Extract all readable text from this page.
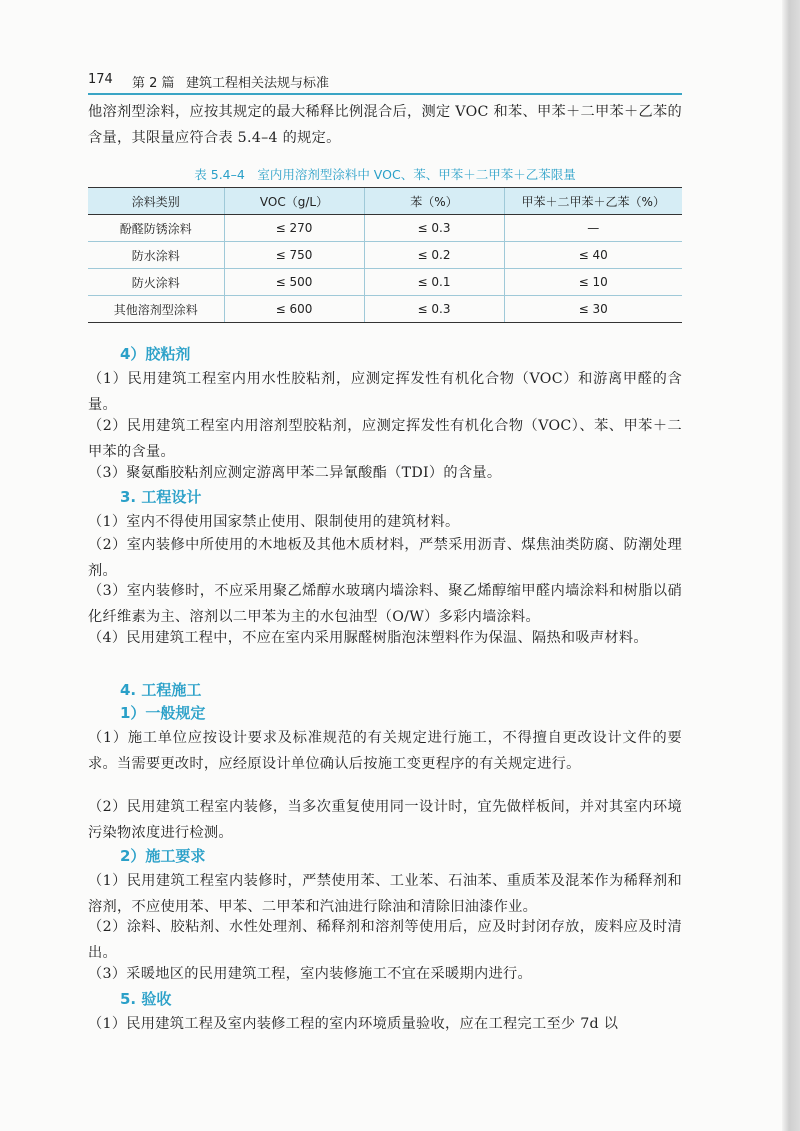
174 第 2 篇 建筑工程相关法规与标准

他溶剂型涂料，应按其规定的最大稀释比例混合后，测定 VOC 和苯、甲苯＋二甲苯＋乙苯的含量，其限量应符合表 5.4–4 的规定。

表 5.4–4　室内用溶剂型涂料中 VOC、苯、甲苯＋二甲苯＋乙苯限量
涂料类别	VOC（g/L）	苯（%）	甲苯＋二甲苯＋乙苯（%）
酚醛防锈涂料	≤ 270	≤ 0.3	—
防水涂料	≤ 750	≤ 0.2	≤ 40
防火涂料	≤ 500	≤ 0.1	≤ 10
其他溶剂型涂料	≤ 600	≤ 0.3	≤ 30
4）胶粘剂

（1）民用建筑工程室内用水性胶粘剂，应测定挥发性有机化合物（VOC）和游离甲醛的含量。

（2）民用建筑工程室内用溶剂型胶粘剂，应测定挥发性有机化合物（VOC）、苯、甲苯＋二甲苯的含量。

（3）聚氨酯胶粘剂应测定游离甲苯二异氰酸酯（TDI）的含量。

3. 工程设计

（1）室内不得使用国家禁止使用、限制使用的建筑材料。

（2）室内装修中所使用的木地板及其他木质材料，严禁采用沥青、煤焦油类防腐、防潮处理剂。

（3）室内装修时，不应采用聚乙烯醇水玻璃内墙涂料、聚乙烯醇缩甲醛内墙涂料和树脂以硝化纤维素为主、溶剂以二甲苯为主的水包油型（O/W）多彩内墙涂料。

（4）民用建筑工程中，不应在室内采用脲醛树脂泡沫塑料作为保温、隔热和吸声材料。

4. 工程施工
1）一般规定

（1）施工单位应按设计要求及标准规范的有关规定进行施工，不得擅自更改设计文件的要求。当需要更改时，应经原设计单位确认后按施工变更程序的有关规定进行。

（2）民用建筑工程室内装修，当多次重复使用同一设计时，宜先做样板间，并对其室内环境污染物浓度进行检测。

2）施工要求

（1）民用建筑工程室内装修时，严禁使用苯、工业苯、石油苯、重质苯及混苯作为稀释剂和溶剂，不应使用苯、甲苯、二甲苯和汽油进行除油和清除旧油漆作业。

（2）涂料、胶粘剂、水性处理剂、稀释剂和溶剂等使用后，应及时封闭存放，废料应及时清出。

（3）采暖地区的民用建筑工程，室内装修施工不宜在采暖期内进行。

5. 验收

（1）民用建筑工程及室内装修工程的室内环境质量验收，应在工程完工至少 7d 以
